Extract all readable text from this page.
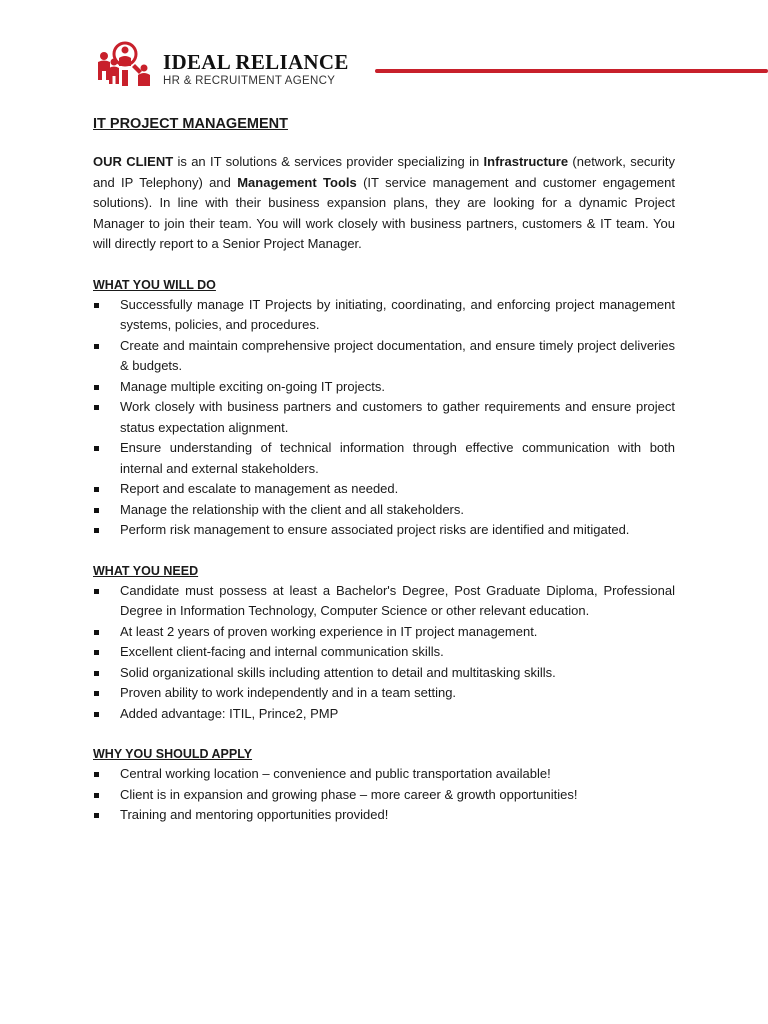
IDEAL RELIANCE
HR & RECRUITMENT AGENCY
IT PROJECT MANAGEMENT

OUR CLIENT is an IT solutions & services provider specializing in Infrastructure (network, security and IP Telephony) and Management Tools (IT service management and customer engagement solutions). In line with their business expansion plans, they are looking for a dynamic Project Manager to join their team. You will work closely with business partners, customers & IT team. You will directly report to a Senior Project Manager.

WHAT YOU WILL DO
Successfully manage IT Projects by initiating, coordinating, and enforcing project management systems, policies, and procedures.
Create and maintain comprehensive project documentation, and ensure timely project deliveries & budgets.
Manage multiple exciting on-going IT projects.
Work closely with business partners and customers to gather requirements and ensure project status expectation alignment.
Ensure understanding of technical information through effective communication with both internal and external stakeholders.
Report and escalate to management as needed.
Manage the relationship with the client and all stakeholders.
Perform risk management to ensure associated project risks are identified and mitigated.
WHAT YOU NEED
Candidate must possess at least a Bachelor's Degree, Post Graduate Diploma, Professional Degree in Information Technology, Computer Science or other relevant education.
At least 2 years of proven working experience in IT project management.
Excellent client-facing and internal communication skills.
Solid organizational skills including attention to detail and multitasking skills.
Proven ability to work independently and in a team setting.
Added advantage: ITIL, Prince2, PMP
WHY YOU SHOULD APPLY
Central working location – convenience and public transportation available!
Client is in expansion and growing phase – more career & growth opportunities!
Training and mentoring opportunities provided!
